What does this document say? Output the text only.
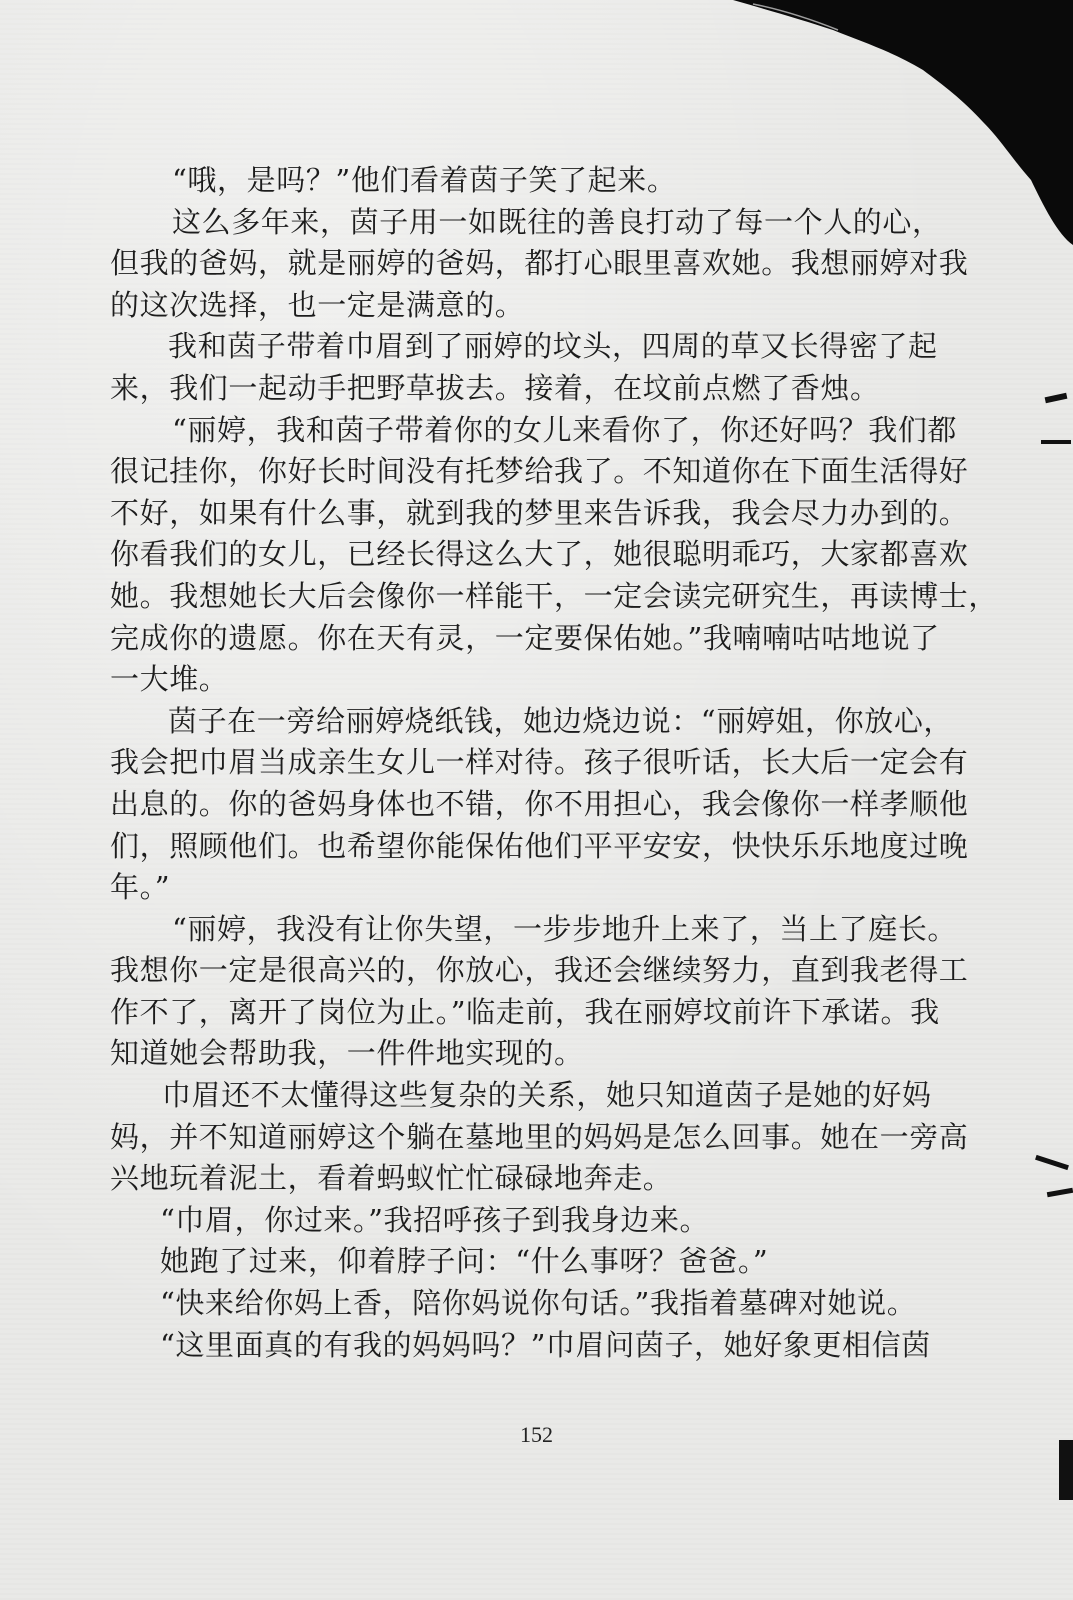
“哦，是吗？”他们看着茵子笑了起来。
这么多年来，茵子用一如既往的善良打动了每一个人的心，
但我的爸妈，就是丽婷的爸妈，都打心眼里喜欢她。我想丽婷对我
的这次选择，也一定是满意的。
我和茵子带着巾眉到了丽婷的坟头，四周的草又长得密了起
来，我们一起动手把野草拔去。接着，在坟前点燃了香烛。
“丽婷，我和茵子带着你的女儿来看你了，你还好吗？我们都
很记挂你，你好长时间没有托梦给我了。不知道你在下面生活得好
不好，如果有什么事，就到我的梦里来告诉我，我会尽力办到的。
你看我们的女儿，已经长得这么大了，她很聪明乖巧，大家都喜欢
她。我想她长大后会像你一样能干，一定会读完研究生，再读博士，
完成你的遗愿。你在天有灵，一定要保佑她。”我喃喃咕咕地说了
一大堆。
茵子在一旁给丽婷烧纸钱，她边烧边说：“丽婷姐，你放心，
我会把巾眉当成亲生女儿一样对待。孩子很听话，长大后一定会有
出息的。你的爸妈身体也不错，你不用担心，我会像你一样孝顺他
们，照顾他们。也希望你能保佑他们平平安安，快快乐乐地度过晚
年。”
“丽婷，我没有让你失望，一步步地升上来了，当上了庭长。
我想你一定是很高兴的，你放心，我还会继续努力，直到我老得工
作不了，离开了岗位为止。”临走前，我在丽婷坟前许下承诺。我
知道她会帮助我，一件件地实现的。
巾眉还不太懂得这些复杂的关系，她只知道茵子是她的好妈
妈，并不知道丽婷这个躺在墓地里的妈妈是怎么回事。她在一旁高
兴地玩着泥土，看着蚂蚁忙忙碌碌地奔走。
“巾眉，你过来。”我招呼孩子到我身边来。
她跑了过来，仰着脖子问：“什么事呀？爸爸。”
“快来给你妈上香，陪你妈说你句话。”我指着墓碑对她说。
“这里面真的有我的妈妈吗？”巾眉问茵子，她好象更相信茵
152
